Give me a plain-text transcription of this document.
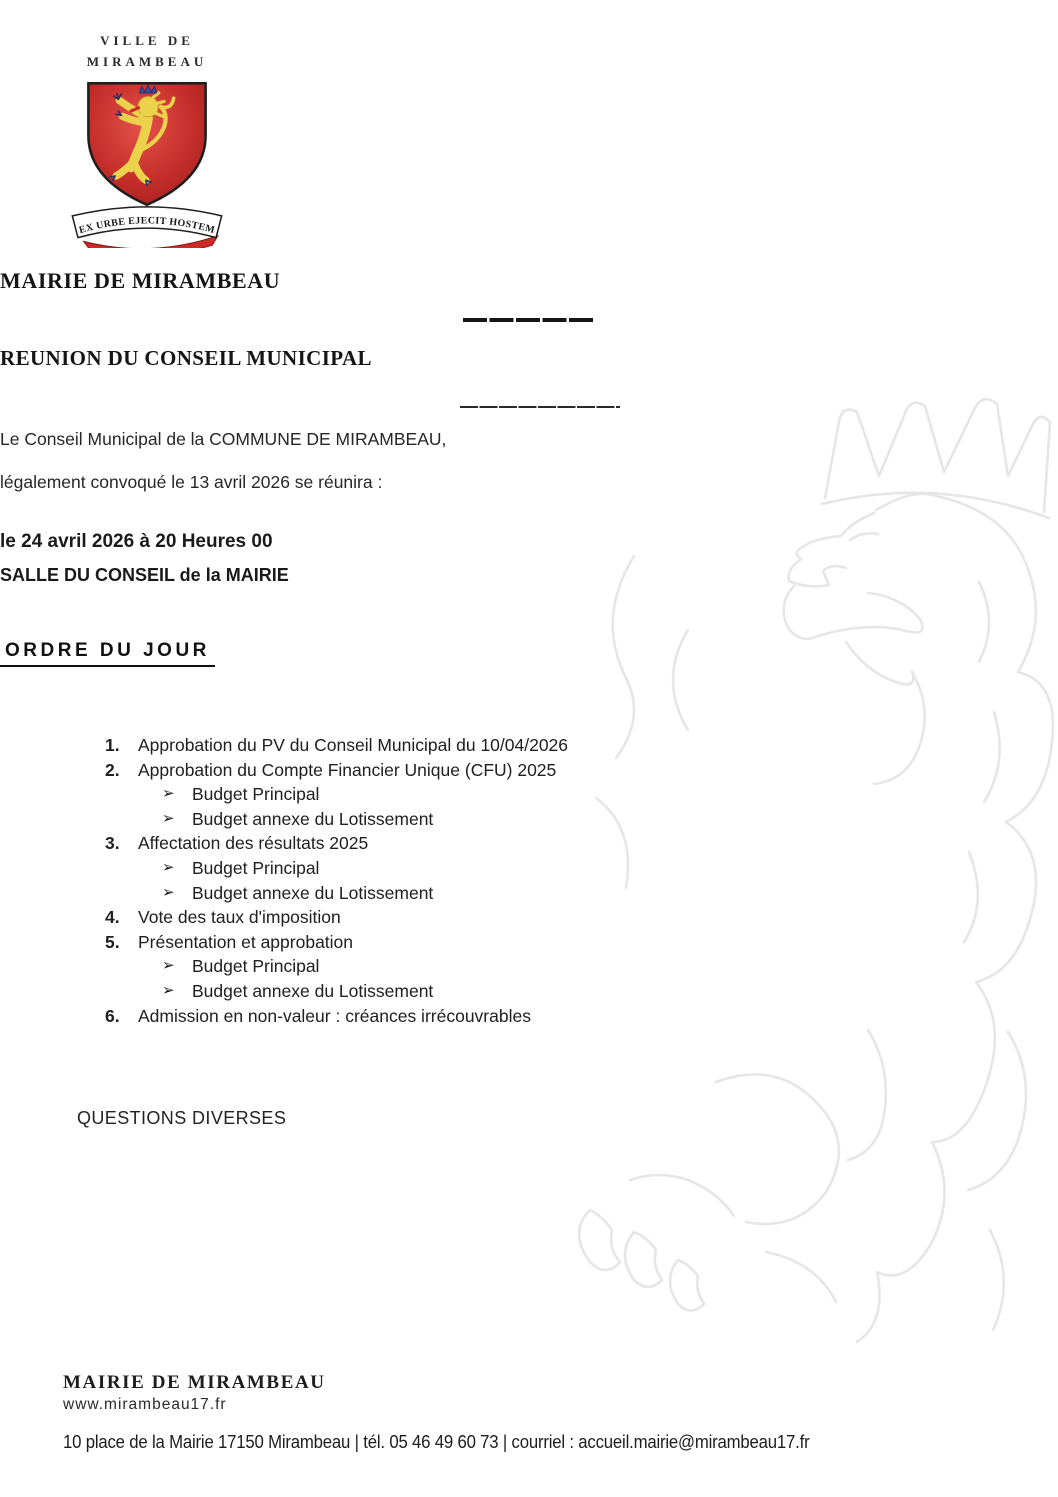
VILLE DE
MIRAMBEAU
EX URBE EJECIT HOSTEM
MAIRIE DE MIRAMBEAU
REUNION DU CONSEIL MUNICIPAL
Le Conseil Municipal de la COMMUNE DE MIRAMBEAU,
légalement convoqué le 13 avril 2026 se réunira :
le 24 avril 2026 à 20 Heures 00
SALLE DU CONSEIL de la MAIRIE
ORDRE DU JOUR
1.	Approbation du PV du Conseil Municipal du 10/04/2026
2.	Approbation du Compte Financier Unique (CFU) 2025
➢ Budget Principal
➢ Budget annexe du Lotissement
3.	Affectation des résultats 2025
➢ Budget Principal
➢ Budget annexe du Lotissement
4.	Vote des taux d'imposition
5.	Présentation et approbation
➢ Budget Principal
➢ Budget annexe du Lotissement
6.	Admission en non-valeur : créances irrécouvrables
QUESTIONS DIVERSES
MAIRIE DE MIRAMBEAU
www.mirambeau17.fr
10 place de la Mairie 17150 Mirambeau | tél. 05 46 49 60 73 | courriel : accueil.mairie@mirambeau17.fr
